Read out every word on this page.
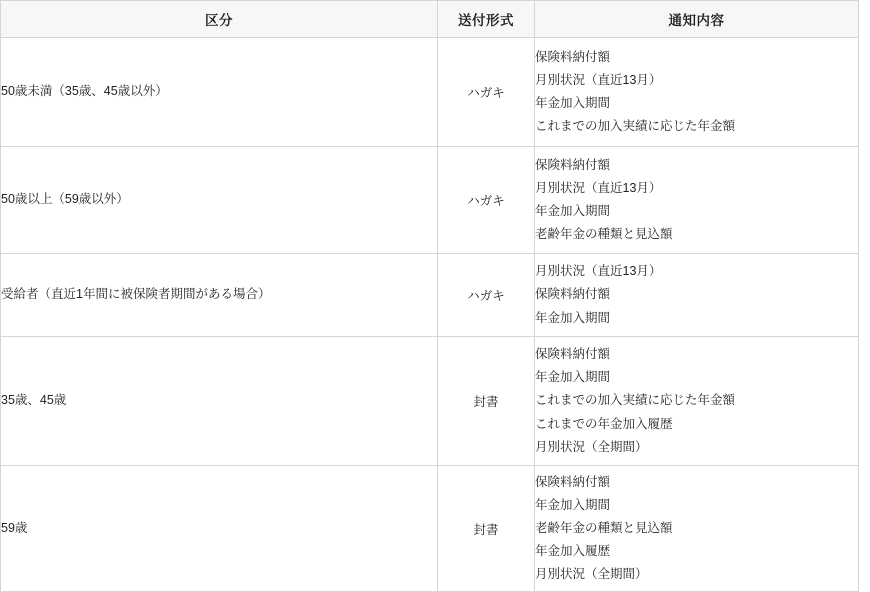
区分	送付形式	通知内容
50歳未満（35歳、45歳以外）	ハガキ	保険料納付額
月別状況（直近13月）
年金加入期間
これまでの加入実績に応じた年金額

50歳以上（59歳以外）	ハガキ	保険料納付額
月別状況（直近13月）
年金加入期間
老齢年金の種類と見込額

受給者（直近1年間に被保険者期間がある場合）	ハガキ	月別状況（直近13月）
保険料納付額
年金加入期間

35歳、45歳	封書	保険料納付額
年金加入期間
これまでの加入実績に応じた年金額
これまでの年金加入履歴
月別状況（全期間）

59歳	封書	保険料納付額
年金加入期間
老齢年金の種類と見込額
年金加入履歴
月別状況（全期間）
